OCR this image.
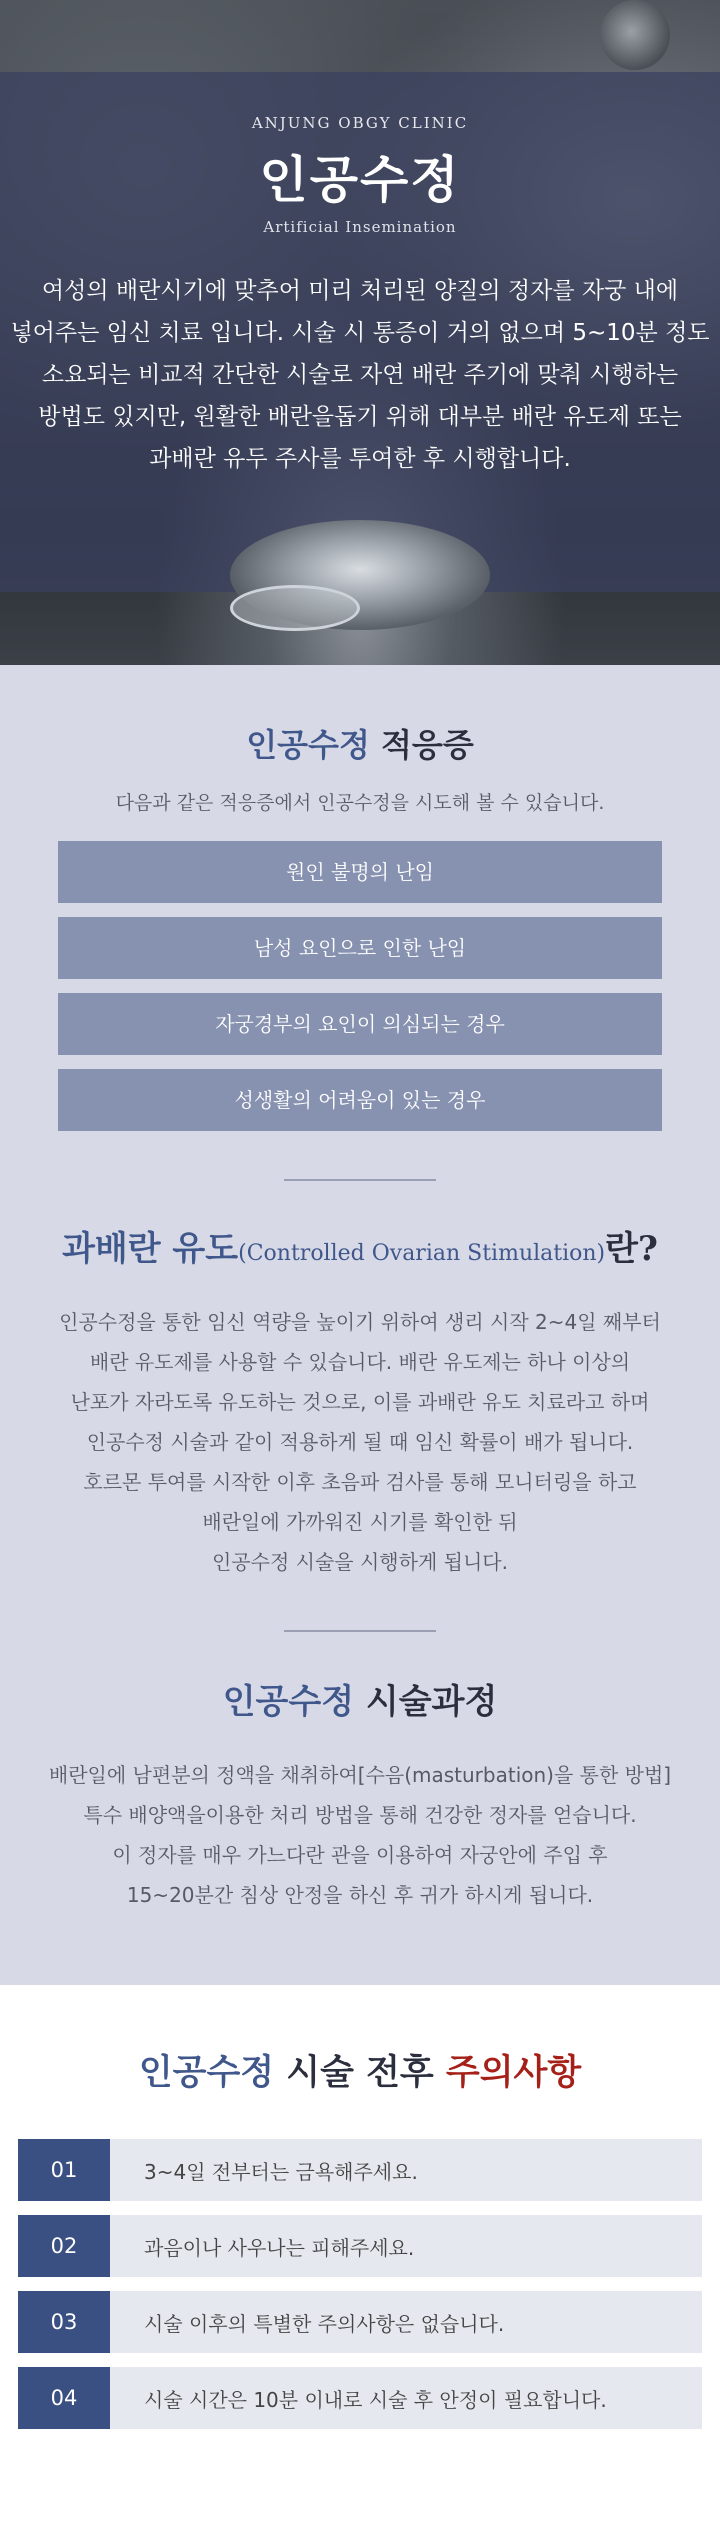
ANJUNG OBGY CLINIC
인공수정
Artificial Insemination

여성의 배란시기에 맞추어 미리 처리된 양질의 정자를 자궁 내에 넣어주는 임신 치료 입니다. 시술 시 통증이 거의 없으며 5~10분 정도 소요되는 비교적 간단한 시술로 자연 배란 주기에 맞춰 시행하는 방법도 있지만, 원활한 배란을돕기 위해 대부분 배란 유도제 또는 과배란 유두 주사를 투여한 후 시행합니다.

인공수정 적응증

다음과 같은 적응증에서 인공수정을 시도해 볼 수 있습니다.

원인 불명의 난임
남성 요인으로 인한 난임
자궁경부의 요인이 의심되는 경우
성생활의 어려움이 있는 경우
과배란 유도(Controlled Ovarian Stimulation)란?
인공수정을 통한 임신 역량을 높이기 위하여 생리 시작 2~4일 째부터
배란 유도제를 사용할 수 있습니다. 배란 유도제는 하나 이상의
난포가 자라도록 유도하는 것으로, 이를 과배란 유도 치료라고 하며
인공수정 시술과 같이 적용하게 될 때 임신 확률이 배가 됩니다.
호르몬 투여를 시작한 이후 초음파 검사를 통해 모니터링을 하고
배란일에 가까워진 시기를 확인한 뒤
인공수정 시술을 시행하게 됩니다.
인공수정 시술과정
배란일에 남편분의 정액을 채취하여[수음(masturbation)을 통한 방법]
특수 배양액을이용한 처리 방법을 통해 건강한 정자를 얻습니다.
이 정자를 매우 가느다란 관을 이용하여 자궁안에 주입 후
15~20분간 침상 안정을 하신 후 귀가 하시게 됩니다.
인공수정 시술 전후 주의사항
01	3~4일 전부터는 금욕해주세요.
02	과음이나 사우나는 피해주세요.
03	시술 이후의 특별한 주의사항은 없습니다.
04	시술 시간은 10분 이내로 시술 후 안정이 필요합니다.
